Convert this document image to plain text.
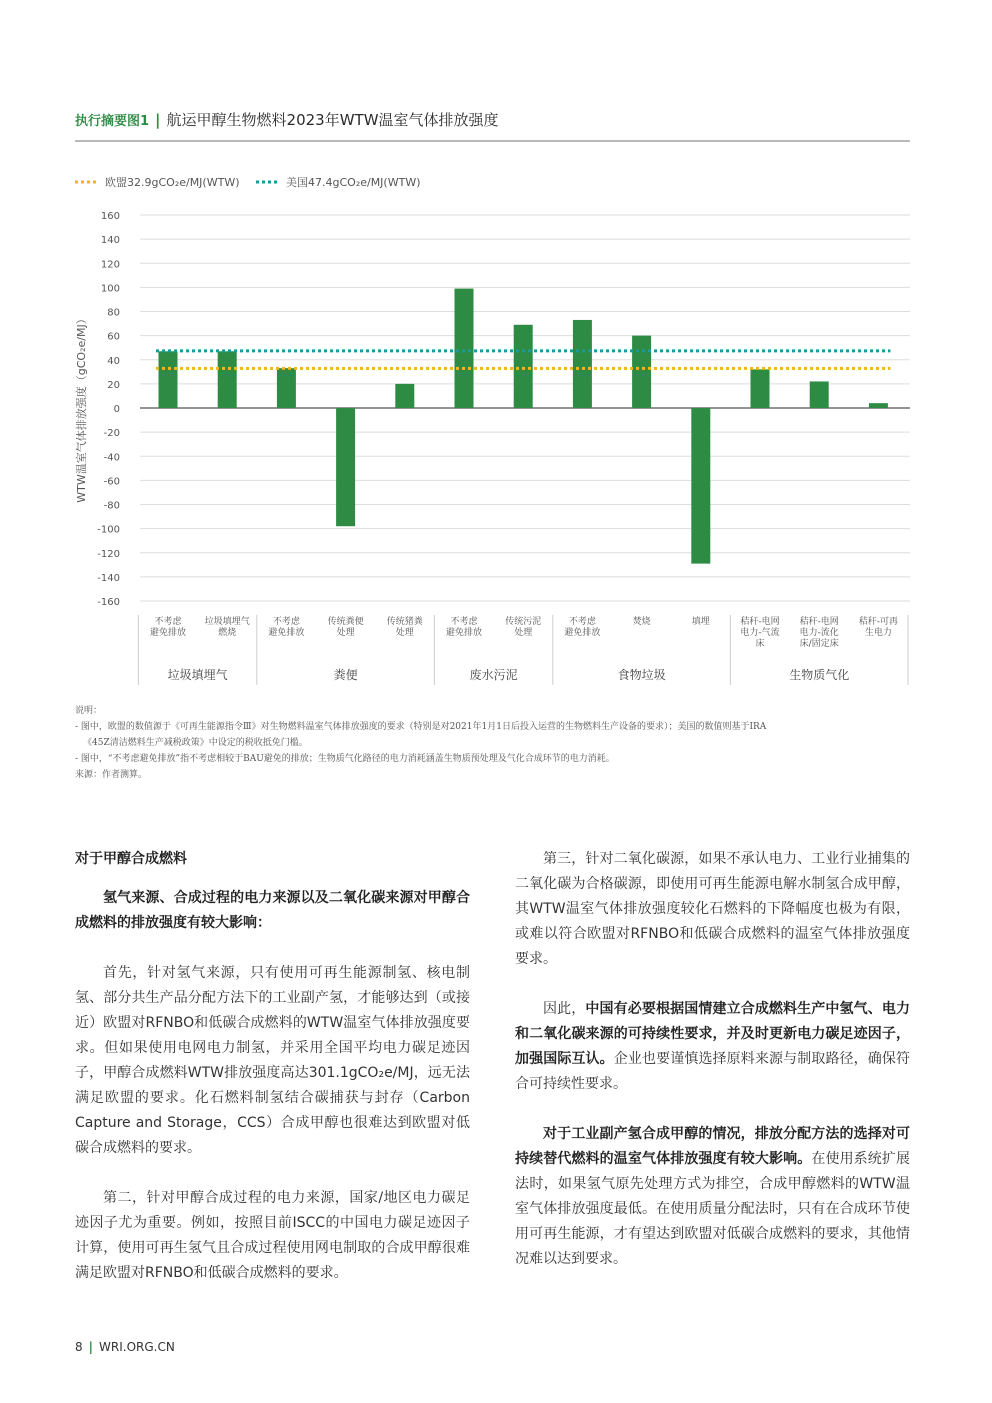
执行摘要图1 | 航运甲醇生物燃料2023年WTW温室气体排放强度
欧盟32.9gCO₂e/MJ(WTW)	美国47.4gCO₂e/MJ(WTW)
160
140
120
100
80
60
40
20
0
-20
-40
-60
-80
-100
-120
-140
-160
WTW温室气体排放强度（gCO₂e/MJ）
不考虑
避免排放
垃圾填埋气
燃烧
不考虑
避免排放
传统粪便
处理
传统猪粪
处理
不考虑
避免排放
传统污泥
处理
不考虑
避免排放
焚烧	填埋	秸秆-电网
电力-气流
床
秸秆-电网
电力-流化
床/固定床
秸秆-可再
生电力
垃圾填埋气	粪便	废水污泥	食物垃圾	生物质气化

说明：

- 图中，欧盟的数值源于《可再生能源指令Ⅲ》对生物燃料温室气体排放强度的要求（特别是对2021年1月1日后投入运营的生物燃料生产设备的要求）；美国的数值则基于IRA

《45Z清洁燃料生产减税政策》中设定的税收抵免门槛。

- 图中，“不考虑避免排放”指不考虑相较于BAU避免的排放；生物质气化路径的电力消耗涵盖生物质预处理及气化合成环节的电力消耗。

来源：作者测算。

对于甲醇合成燃料

氢气来源、合成过程的电力来源以及二氧化碳来源对甲醇合成燃料的排放强度有较大影响：

首先，针对氢气来源，只有使用可再生能源制氢、核电制氢、部分共生产品分配方法下的工业副产氢，才能够达到（或接近）欧盟对RFNBO和低碳合成燃料的WTW温室气体排放强度要求。但如果使用电网电力制氢，并采用全国平均电力碳足迹因子，甲醇合成燃料WTW排放强度高达301.1gCO₂e/MJ，远无法满足欧盟的要求。化石燃料制氢结合碳捕获与封存（Carbon Capture and Storage，CCS）合成甲醇也很难达到欧盟对低碳合成燃料的要求。

第二，针对甲醇合成过程的电力来源，国家/地区电力碳足迹因子尤为重要。例如，按照目前ISCC的中国电力碳足迹因子计算，使用可再生氢气且合成过程使用网电制取的合成甲醇很难满足欧盟对RFNBO和低碳合成燃料的要求。

第三，针对二氧化碳源，如果不承认电力、工业行业捕集的二氧化碳为合格碳源，即使用可再生能源电解水制氢合成甲醇，其WTW温室气体排放强度较化石燃料的下降幅度也极为有限，或难以符合欧盟对RFNBO和低碳合成燃料的温室气体排放强度要求。

因此，中国有必要根据国情建立合成燃料生产中氢气、电力和二氧化碳来源的可持续性要求，并及时更新电力碳足迹因子，加强国际互认。企业也要谨慎选择原料来源与制取路径，确保符合可持续性要求。

对于工业副产氢合成甲醇的情况，排放分配方法的选择对可持续替代燃料的温室气体排放强度有较大影响。在使用系统扩展法时，如果氢气原先处理方式为排空，合成甲醇燃料的WTW温室气体排放强度最低。在使用质量分配法时，只有在合成环节使用可再生能源，才有望达到欧盟对低碳合成燃料的要求，其他情况难以达到要求。

8 | WRI.ORG.CN
